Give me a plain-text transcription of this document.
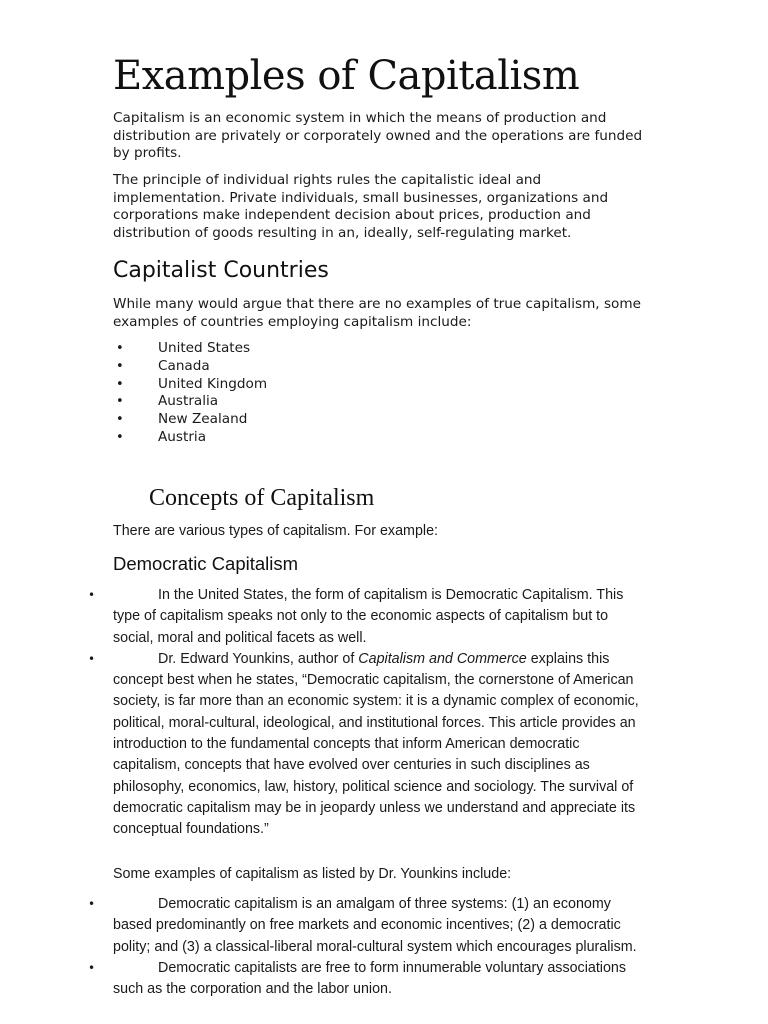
Examples of Capitalism

Capitalism is an economic system in which the means of production and distribution are privately or corporately owned and the operations are funded by profits.

The principle of individual rights rules the capitalistic ideal and implementation. Private individuals, small businesses, organizations and corporations make independent decision about prices, production and distribution of goods resulting in an, ideally, self-regulating market.

Capitalist Countries

While many would argue that there are no examples of true capitalism, some examples of countries employing capitalism include:

•	United States
•	Canada
•	United Kingdom
•	Australia
•	New Zealand
•	Austria
Concepts of Capitalism

There are various types of capitalism. For example:

Democratic Capitalism
•	In the United States, the form of capitalism is Democratic Capitalism. This type of capitalism speaks not only to the economic aspects of capitalism but to social, moral and political facets as well.
•	Dr. Edward Younkins, author of Capitalism and Commerce explains this concept best when he states, “Democratic capitalism, the cornerstone of American society, is far more than an economic system: it is a dynamic complex of economic, political, moral-cultural, ideological, and institutional forces. This article provides an introduction to the fundamental concepts that inform American democratic capitalism, concepts that have evolved over centuries in such disciplines as philosophy, economics, law, history, political science and sociology. The survival of democratic capitalism may be in jeopardy unless we understand and appreciate its conceptual foundations.”

Some examples of capitalism as listed by Dr. Younkins include:

•	Democratic capitalism is an amalgam of three systems: (1) an economy based predominantly on free markets and economic incentives; (2) a democratic polity; and (3) a classical-liberal moral-cultural system which encourages pluralism.
•	Democratic capitalists are free to form innumerable voluntary associations such as the corporation and the labor union.
